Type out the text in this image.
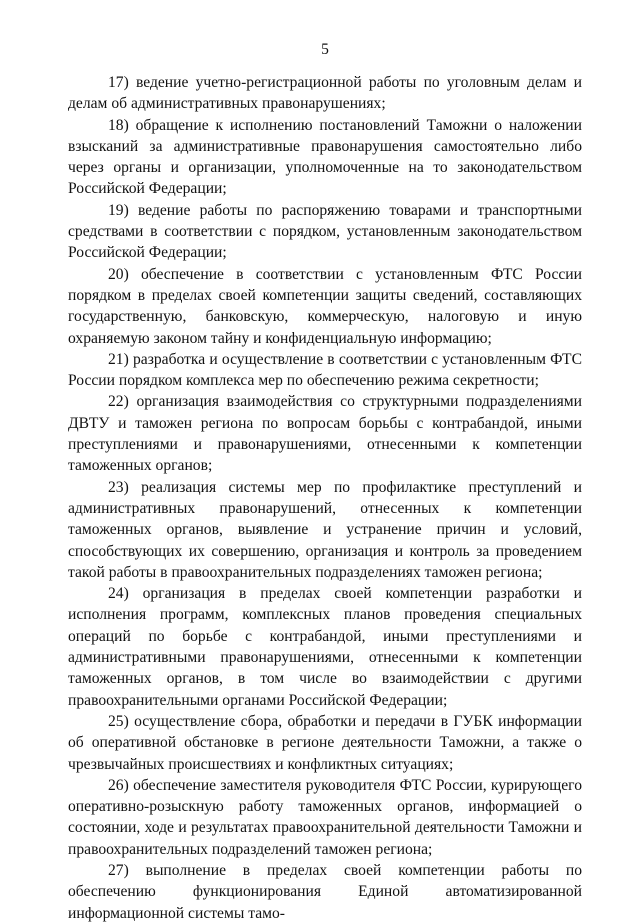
5

17) ведение учетно-регистрационной работы по уголовным делам и делам об административных правонарушениях;

18) обращение к исполнению постановлений Таможни о наложении взысканий за административные правонарушения самостоятельно либо через органы и организации, уполномоченные на то законодательством Российской Федерации;

19) ведение работы по распоряжению товарами и транспортными средствами в соответствии с порядком, установленным законодательством Российской Федерации;

20) обеспечение в соответствии с установленным ФТС России порядком в пределах своей компетенции защиты сведений, составляющих государственную, банковскую, коммерческую, налоговую и иную охраняемую законом тайну и конфиденциальную информацию;

21) разработка и осуществление в соответствии с установленным ФТС России порядком комплекса мер по обеспечению режима секретности;

22) организация взаимодействия со структурными подразделениями ДВТУ и таможен региона по вопросам борьбы с контрабандой, иными преступлениями и правонарушениями, отнесенными к компетенции таможенных органов;

23) реализация системы мер по профилактике преступлений и административных правонарушений, отнесенных к компетенции таможенных органов, выявление и устранение причин и условий, способствующих их совершению, организация и контроль за проведением такой работы в правоохранительных подразделениях таможен региона;

24) организация в пределах своей компетенции разработки и исполнения программ, комплексных планов проведения специальных операций по борьбе с контрабандой, иными преступлениями и административными правонарушениями, отнесенными к компетенции таможенных органов, в том числе во взаимодействии с другими правоохранительными органами Российской Федерации;

25) осуществление сбора, обработки и передачи в ГУБК информации об оперативной обстановке в регионе деятельности Таможни, а также о чрезвычайных происшествиях и конфликтных ситуациях;

26) обеспечение заместителя руководителя ФТС России, курирующего оперативно-розыскную работу таможенных органов, информацией о состоянии, ходе и результатах правоохранительной деятельности Таможни и правоохранительных подразделений таможен региона;

27) выполнение в пределах своей компетенции работы по обеспечению функционирования Единой автоматизированной информационной системы тамо-
